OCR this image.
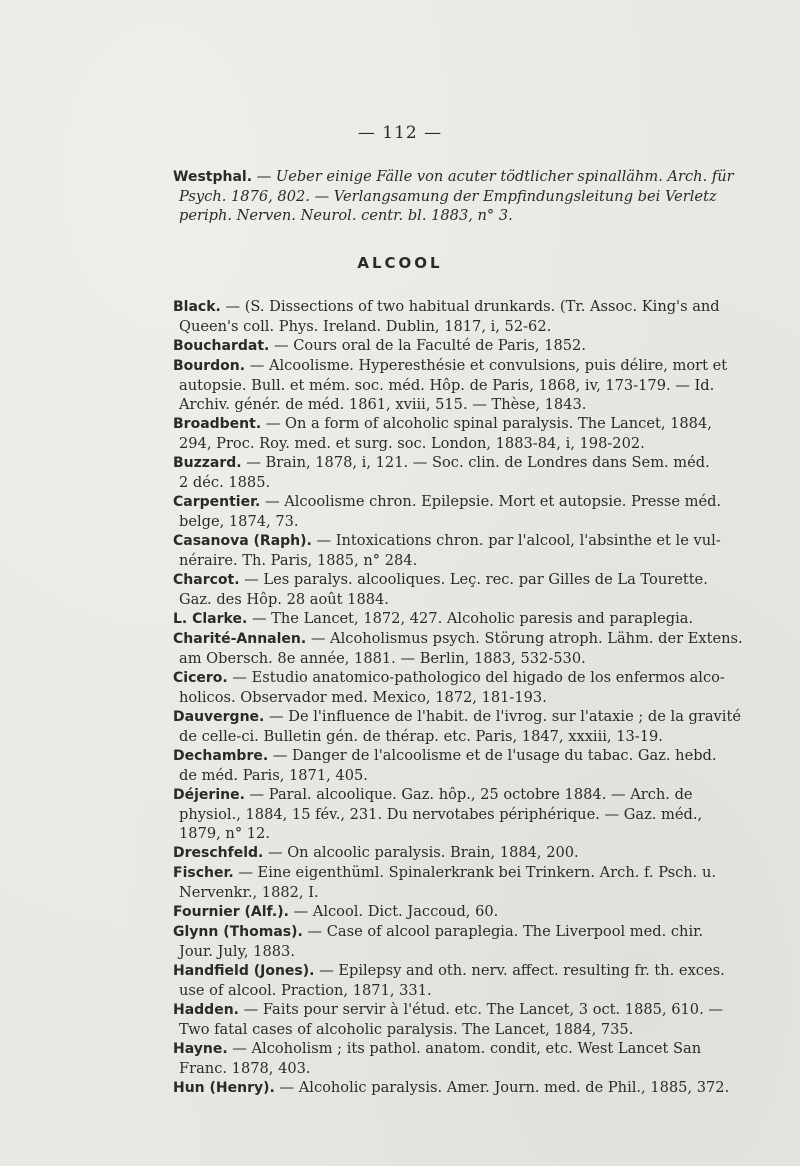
— 112 —
Westphal. — Ueber einige Fälle von acuter tödtlicher spinallähm. Arch. für
Psych. 1876, 802. — Verlangsamung der Empfindungsleitung bei Verletz
periph. Nerven. Neurol. centr. bl. 1883, n° 3.
ALCOOL
Black. — (S. Dissections of two habitual drunkards. (Tr. Assoc. King's and
Queen's coll. Phys. Ireland. Dublin, 1817, i, 52-62.
Bouchardat. — Cours oral de la Faculté de Paris, 1852.
Bourdon. — Alcoolisme. Hyperesthésie et convulsions, puis délire, mort et
autopsie. Bull. et mém. soc. méd. Hôp. de Paris, 1868, iv, 173-179. — Id.
Archiv. génér. de méd. 1861, xviii, 515. — Thèse, 1843.
Broadbent. — On a form of alcoholic spinal paralysis. The Lancet, 1884,
294, Proc. Roy. med. et surg. soc. London, 1883-84, i, 198-202.
Buzzard. — Brain, 1878, i, 121. — Soc. clin. de Londres dans Sem. méd.
2 déc. 1885.
Carpentier. — Alcoolisme chron. Epilepsie. Mort et autopsie. Presse méd.
belge, 1874, 73.
Casanova (Raph). — Intoxications chron. par l'alcool, l'absinthe et le vul-
néraire. Th. Paris, 1885, n° 284.
Charcot. — Les paralys. alcooliques. Leç. rec. par Gilles de La Tourette.
Gaz. des Hôp. 28 août 1884.
L. Clarke. — The Lancet, 1872, 427. Alcoholic paresis and paraplegia.
Charité-Annalen. — Alcoholismus psych. Störung atroph. Lähm. der Extens.
am Obersch. 8e année, 1881. — Berlin, 1883, 532-530.
Cicero. — Estudio anatomico-pathologico del higado de los enfermos alco-
holicos. Observador med. Mexico, 1872, 181-193.
Dauvergne. — De l'influence de l'habit. de l'ivrog. sur l'ataxie ; de la gravité
de celle-ci. Bulletin gén. de thérap. etc. Paris, 1847, xxxiii, 13-19.
Dechambre. — Danger de l'alcoolisme et de l'usage du tabac. Gaz. hebd.
de méd. Paris, 1871, 405.
Déjerine. — Paral. alcoolique. Gaz. hôp., 25 octobre 1884. — Arch. de
physiol., 1884, 15 fév., 231. Du nervotabes périphérique. — Gaz. méd.,
1879, n° 12.
Dreschfeld. — On alcoolic paralysis. Brain, 1884, 200.
Fischer. — Eine eigenthüml. Spinalerkrank bei Trinkern. Arch. f. Psch. u.
Nervenkr., 1882, I.
Fournier (Alf.). — Alcool. Dict. Jaccoud, 60.
Glynn (Thomas). — Case of alcool paraplegia. The Liverpool med. chir.
Jour. July, 1883.
Handfield (Jones). — Epilepsy and oth. nerv. affect. resulting fr. th. exces.
use of alcool. Praction, 1871, 331.
Hadden. — Faits pour servir à l'étud. etc. The Lancet, 3 oct. 1885, 610. —
Two fatal cases of alcoholic paralysis. The Lancet, 1884, 735.
Hayne. — Alcoholism ; its pathol. anatom. condit, etc. West Lancet San
Franc. 1878, 403.
Hun (Henry). — Alcoholic paralysis. Amer. Journ. med. de Phil., 1885, 372.
